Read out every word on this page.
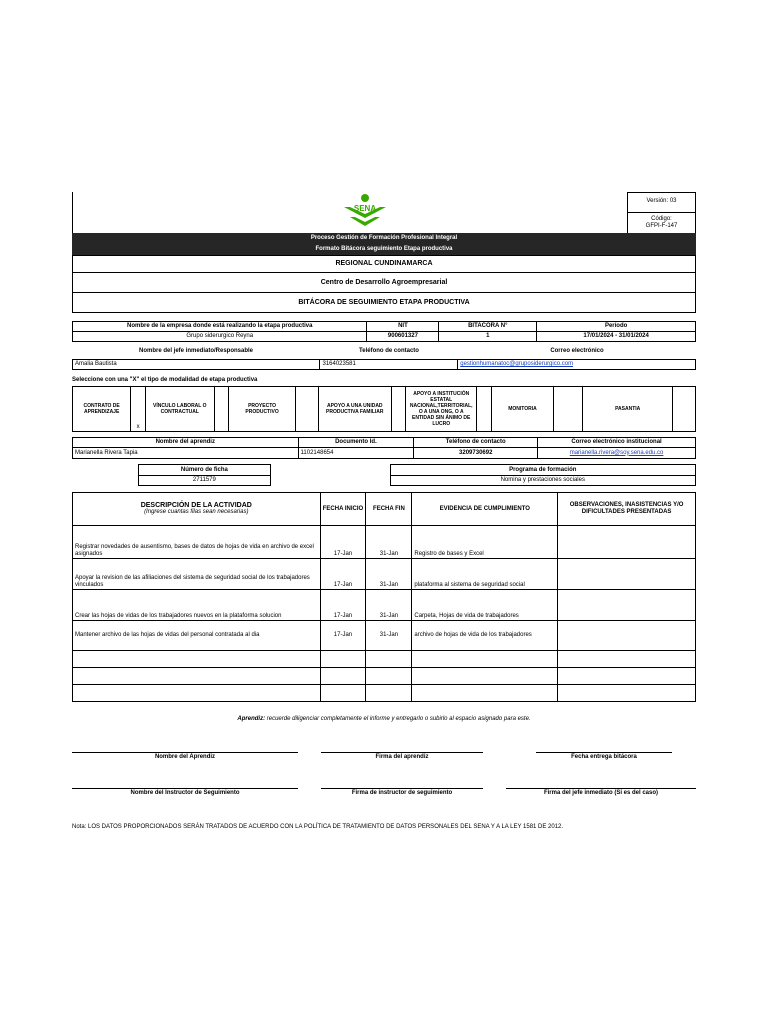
SENA
Versión: 03
Código:
GFPI-F-147
Proceso Gestión de Formación Profesional Integral
Formato Bitácora seguimiento Etapa productiva
REGIONAL CUNDINAMARCA
Centro de Desarrollo Agroempresarial
BITÁCORA DE SEGUIMIENTO ETAPA PRODUCTIVA
Nombre de la empresa donde está realizando la etapa productiva	NIT	BITACORA N°	Período
Grupo siderurgico Reyna	900601327	1	17/01/2024 - 31/01/2024
Nombre del jefe inmediato/Responsable	Teléfono de contacto	Correo electrónico
Amalia Bautista	3164023581	gestionhumanatoc@gruposiderurgico.com
Seleccione con una "X" el tipo de modalidad de etapa productiva
CONTRATO DE APRENDIZAJE	x	VÍNCULO LABORAL O CONTRACTUAL		PROYECTO PRODUCTIVO		APOYO A UNA UNIDAD PRODUCTIVA FAMILIAR		APOYO A INSTITUCIÓN ESTATAL NACIONAL,TERRITORIAL, O A UNA ONG, O A ENTIDAD SIN ÁNIMO DE LUCRO		MONITORIA		PASANTIA	
Nombre del aprendiz	Documento Id.	Teléfono de contacto	Correo electrónico institucional
Marianella Rivera Tapia	1102148654	3209730692	marianella.rivera@soy.sena.edu.co
Número de ficha		Programa de formación
2711579		Nomina y prestaciones sociales
DESCRIPCIÓN DE LA ACTIVIDAD
(Ingrese cuantas filas sean necesarias)	FECHA INICIO	FECHA FIN	EVIDENCIA DE CUMPLIMIENTO	OBSERVACIONES, INASISTENCIAS Y/O DIFICULTADES PRESENTADAS
Registrar novedades de ausentismo, bases de datos de hojas de vida en archivo de excel asignados	17-Jan	31-Jan	Registro de bases y Excel	
Apoyar la revision de las afiliaciones del sistema de seguridad social de los trabajadores vinculados	17-Jan	31-Jan	plataforma al sistema de seguridad social	
Crear las hojas de vidas de los trabajadores nuevos en la plataforma solucion	17-Jan	31-Jan	Carpeta, Hojas de vida de trabajadores	
Mantener archivo de las hojas de vidas del personal contratada al dia	17-Jan	31-Jan	archivo de hojas de vida de los trabajadores	

Aprendiz: recuerde diligenciar completamente el informe y entregarlo o subirlo al espacio asignado para este.
Nombre del Aprendiz	Firma del aprendiz	Fecha entrega bitácora
Nombre del Instructor de Seguimiento	Firma de instructor de seguimiento	Firma del jefe inmediato (Si es del caso)
Nota: LOS DATOS PROPORCIONADOS SERÁN TRATADOS DE ACUERDO CON LA POLÍTICA DE TRATAMIENTO DE DATOS PERSONALES DEL SENA Y A LA LEY 1581 DE 2012.
